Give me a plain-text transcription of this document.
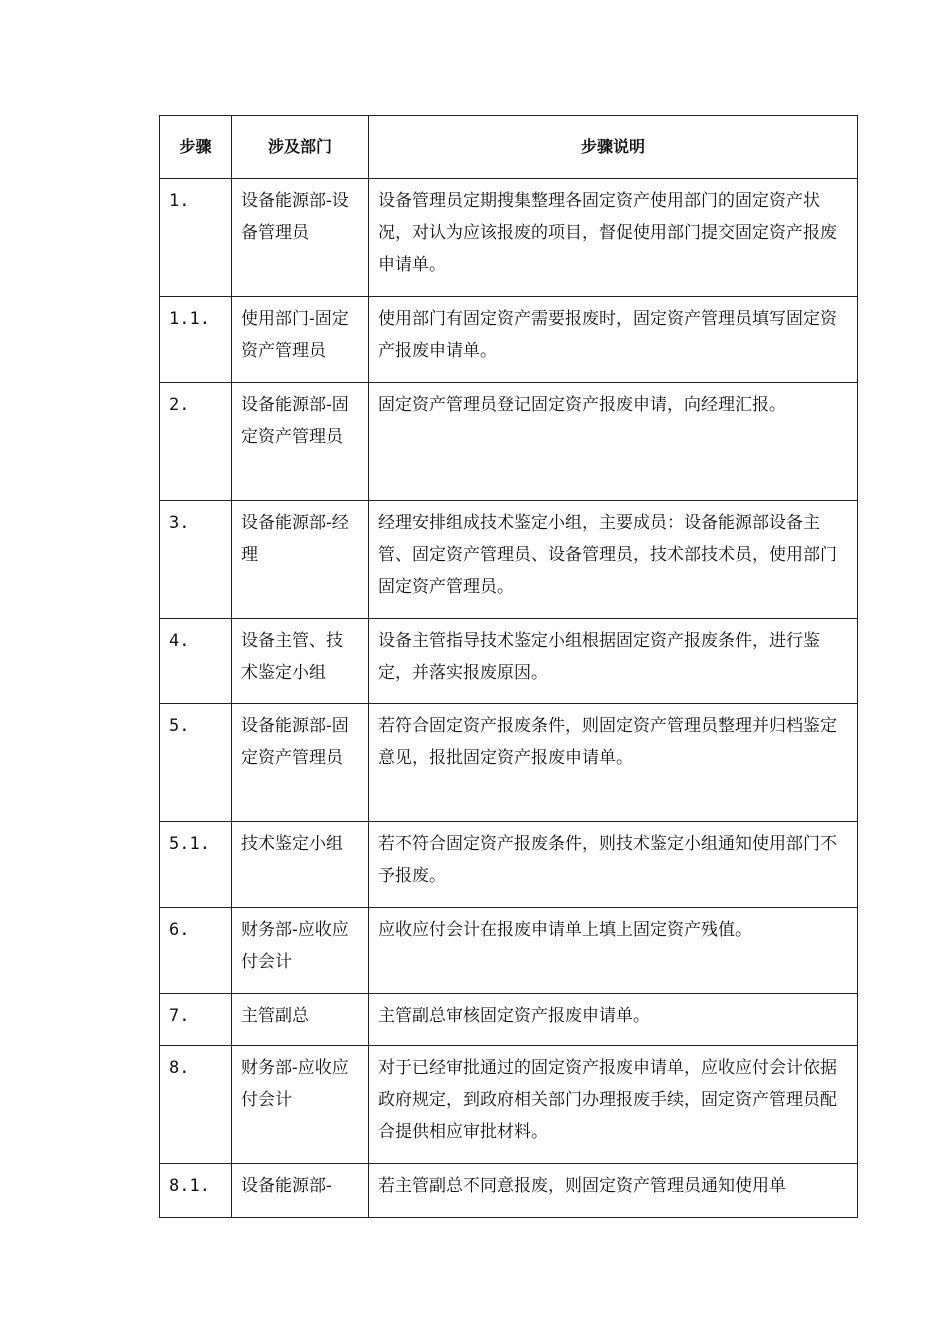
步骤	涉及部门	步骤说明
1.	设备能源部-设备管理员	设备管理员定期搜集整理各固定资产使用部门的固定资产状况，对认为应该报废的项目，督促使用部门提交固定资产报废申请单。
1.1.	使用部门-固定资产管理员	使用部门有固定资产需要报废时，固定资产管理员填写固定资产报废申请单。
2.	设备能源部-固定资产管理员	固定资产管理员登记固定资产报废申请，向经理汇报。
3.	设备能源部-经理	经理安排组成技术鉴定小组，主要成员：设备能源部设备主管、固定资产管理员、设备管理员，技术部技术员，使用部门固定资产管理员。
4.	设备主管、技术鉴定小组	设备主管指导技术鉴定小组根据固定资产报废条件，进行鉴定，并落实报废原因。
5.	设备能源部-固定资产管理员	若符合固定资产报废条件，则固定资产管理员整理并归档鉴定意见，报批固定资产报废申请单。
5.1.	技术鉴定小组	若不符合固定资产报废条件，则技术鉴定小组通知使用部门不予报废。
6.	财务部-应收应付会计	应收应付会计在报废申请单上填上固定资产残值。
7.	主管副总	主管副总审核固定资产报废申请单。
8.	财务部-应收应付会计	对于已经审批通过的固定资产报废申请单，应收应付会计依据政府规定，到政府相关部门办理报废手续，固定资产管理员配合提供相应审批材料。
8.1.	设备能源部-	若主管副总不同意报废，则固定资产管理员通知使用单
